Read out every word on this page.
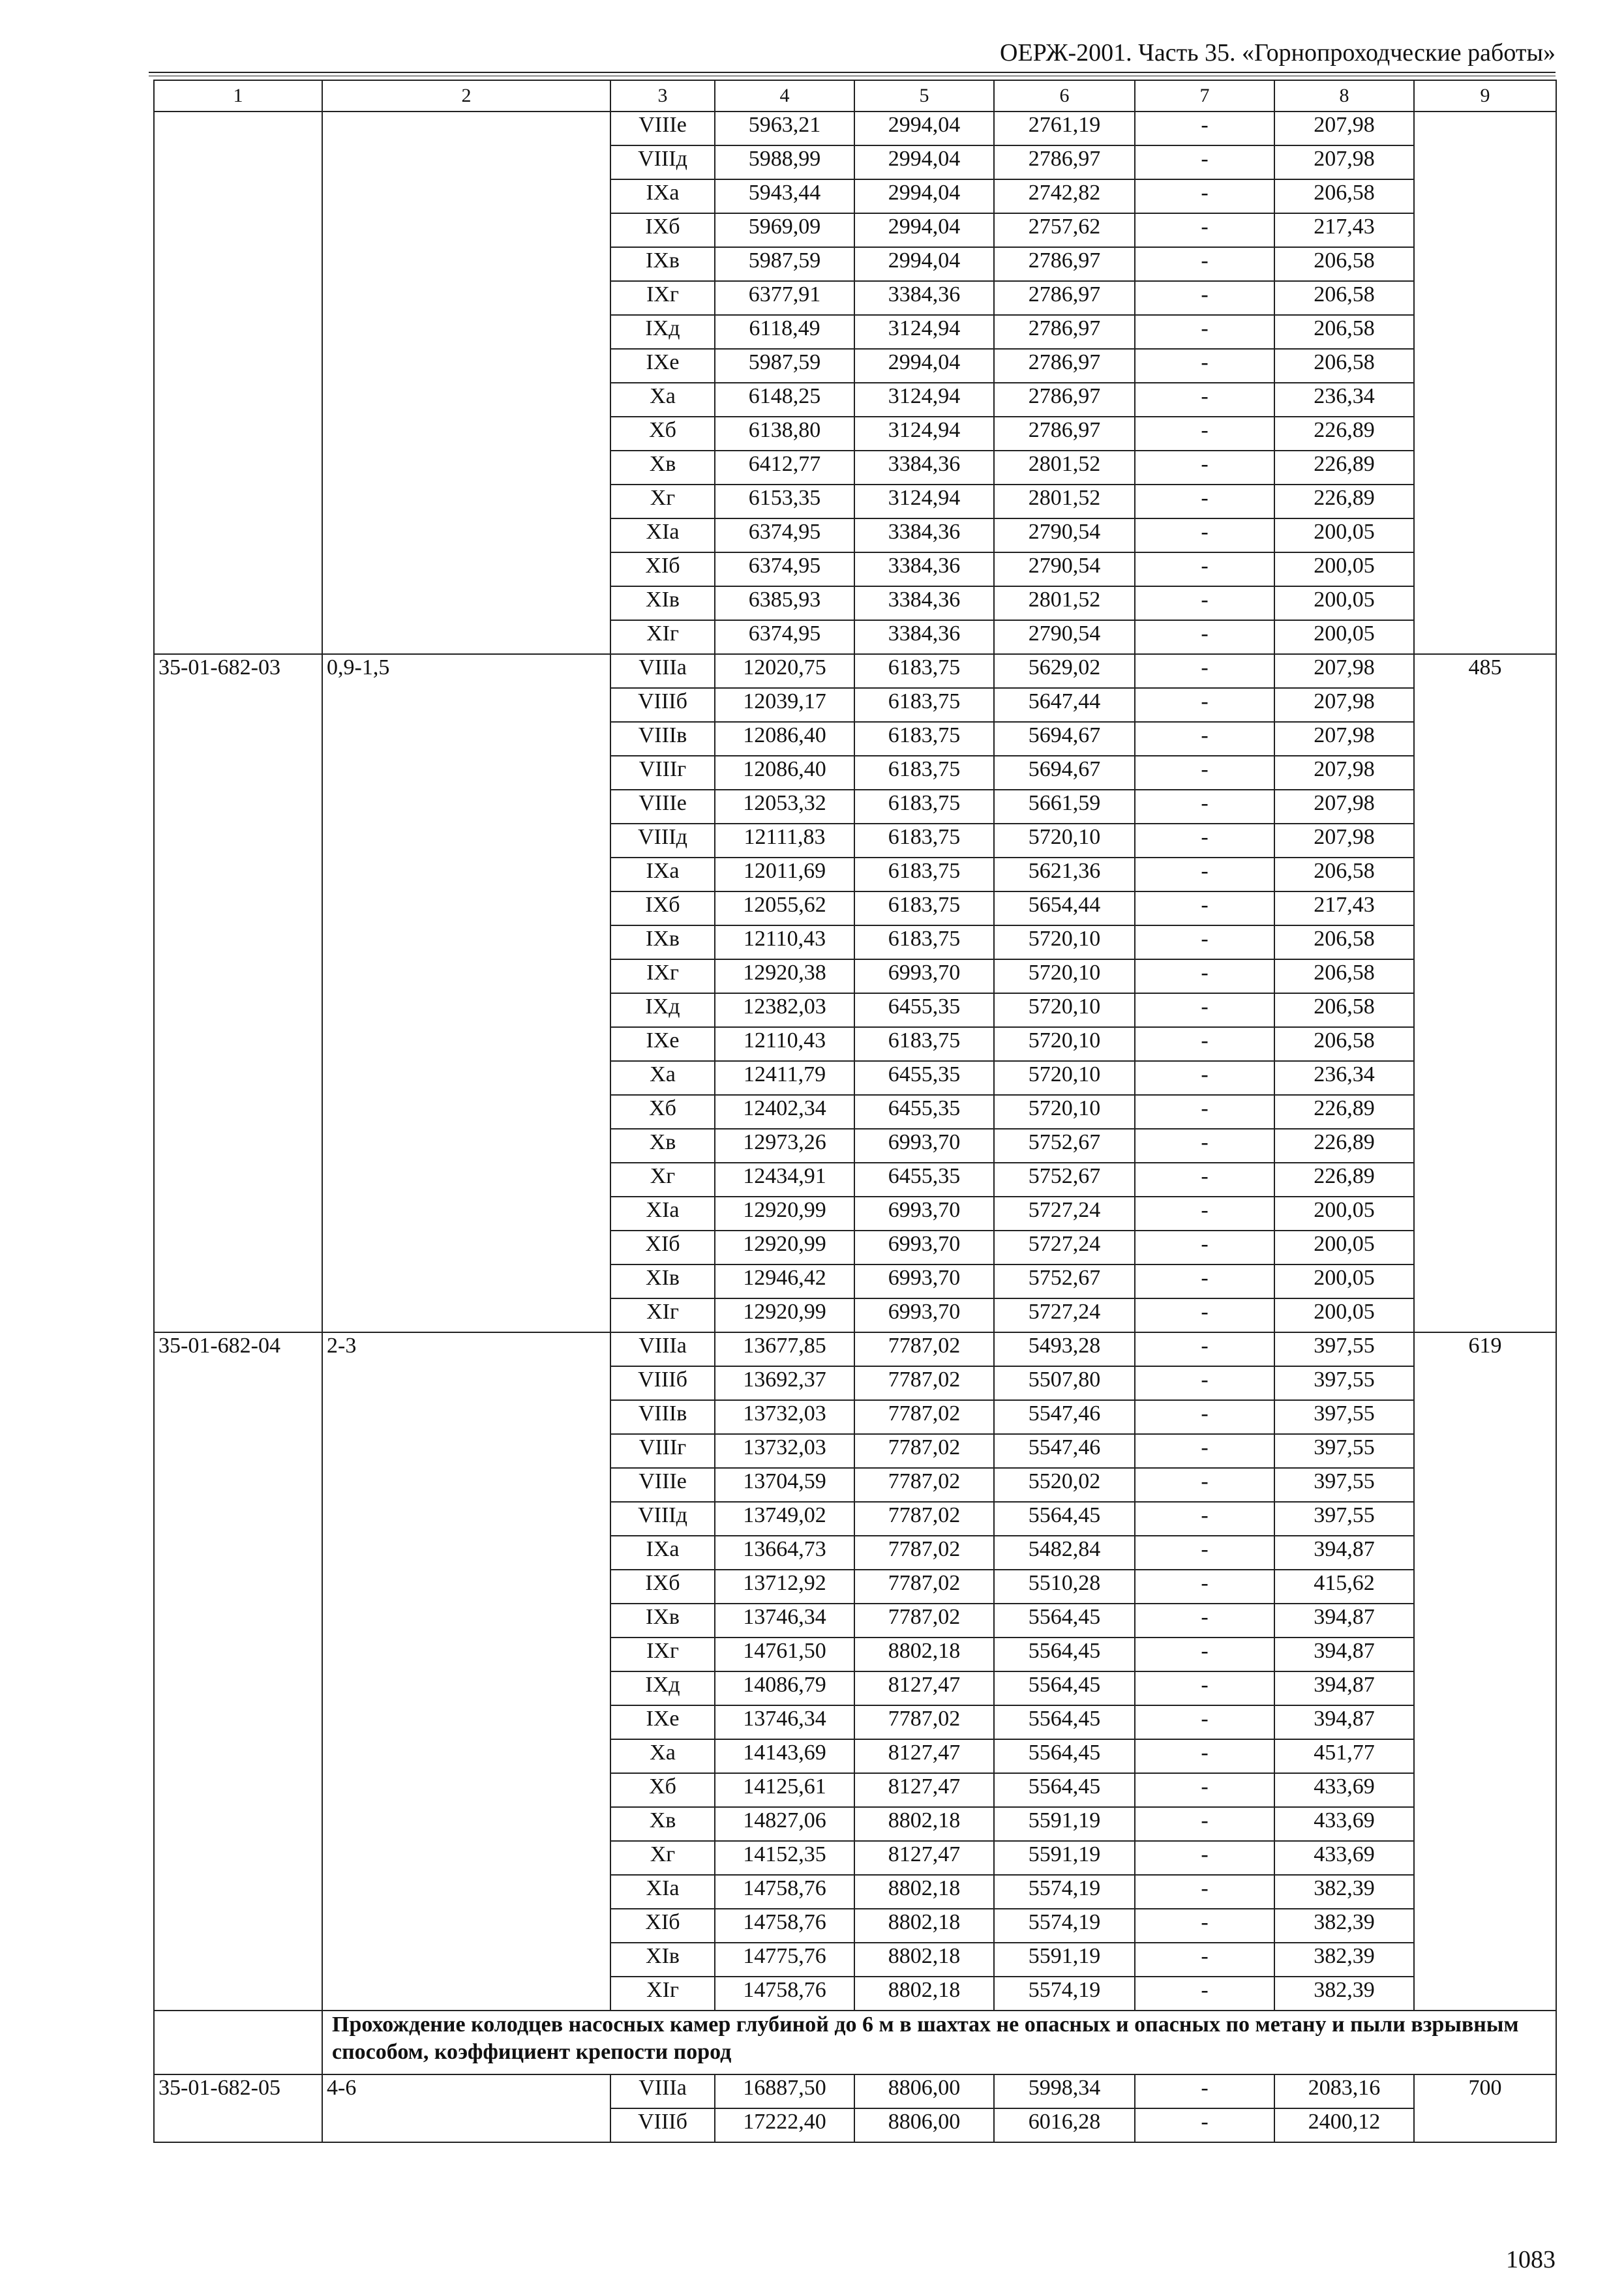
ОЕРЖ-2001. Часть 35. «Горнопроходческие работы»
1	2	3	4	5	6	7	8	9
		VIIIе	5963,21	2994,04	2761,19	-	207,98	
		VIIIд	5988,99	2994,04	2786,97	-	207,98	
		IХа	5943,44	2994,04	2742,82	-	206,58	
		IХб	5969,09	2994,04	2757,62	-	217,43	
		IХв	5987,59	2994,04	2786,97	-	206,58	
		IХг	6377,91	3384,36	2786,97	-	206,58	
		IХд	6118,49	3124,94	2786,97	-	206,58	
		IХе	5987,59	2994,04	2786,97	-	206,58	
		Ха	6148,25	3124,94	2786,97	-	236,34	
		Хб	6138,80	3124,94	2786,97	-	226,89	
		Хв	6412,77	3384,36	2801,52	-	226,89	
		Хг	6153,35	3124,94	2801,52	-	226,89	
		ХIа	6374,95	3384,36	2790,54	-	200,05	
		ХIб	6374,95	3384,36	2790,54	-	200,05	
		ХIв	6385,93	3384,36	2801,52	-	200,05	
		ХIг	6374,95	3384,36	2790,54	-	200,05	
35-01-682-03	0,9-1,5	VIIIа	12020,75	6183,75	5629,02	-	207,98	485
		VIIIб	12039,17	6183,75	5647,44	-	207,98	
		VIIIв	12086,40	6183,75	5694,67	-	207,98	
		VIIIг	12086,40	6183,75	5694,67	-	207,98	
		VIIIе	12053,32	6183,75	5661,59	-	207,98	
		VIIIд	12111,83	6183,75	5720,10	-	207,98	
		IХа	12011,69	6183,75	5621,36	-	206,58	
		IХб	12055,62	6183,75	5654,44	-	217,43	
		IХв	12110,43	6183,75	5720,10	-	206,58	
		IХг	12920,38	6993,70	5720,10	-	206,58	
		IХд	12382,03	6455,35	5720,10	-	206,58	
		IХе	12110,43	6183,75	5720,10	-	206,58	
		Ха	12411,79	6455,35	5720,10	-	236,34	
		Хб	12402,34	6455,35	5720,10	-	226,89	
		Хв	12973,26	6993,70	5752,67	-	226,89	
		Хг	12434,91	6455,35	5752,67	-	226,89	
		ХIа	12920,99	6993,70	5727,24	-	200,05	
		ХIб	12920,99	6993,70	5727,24	-	200,05	
		ХIв	12946,42	6993,70	5752,67	-	200,05	
		ХIг	12920,99	6993,70	5727,24	-	200,05	
35-01-682-04	2-3	VIIIа	13677,85	7787,02	5493,28	-	397,55	619
		VIIIб	13692,37	7787,02	5507,80	-	397,55	
		VIIIв	13732,03	7787,02	5547,46	-	397,55	
		VIIIг	13732,03	7787,02	5547,46	-	397,55	
		VIIIе	13704,59	7787,02	5520,02	-	397,55	
		VIIIд	13749,02	7787,02	5564,45	-	397,55	
		IХа	13664,73	7787,02	5482,84	-	394,87	
		IХб	13712,92	7787,02	5510,28	-	415,62	
		IХв	13746,34	7787,02	5564,45	-	394,87	
		IХг	14761,50	8802,18	5564,45	-	394,87	
		IХд	14086,79	8127,47	5564,45	-	394,87	
		IХе	13746,34	7787,02	5564,45	-	394,87	
		Ха	14143,69	8127,47	5564,45	-	451,77	
		Хб	14125,61	8127,47	5564,45	-	433,69	
		Хв	14827,06	8802,18	5591,19	-	433,69	
		Хг	14152,35	8127,47	5591,19	-	433,69	
		ХIа	14758,76	8802,18	5574,19	-	382,39	
		ХIб	14758,76	8802,18	5574,19	-	382,39	
		ХIв	14775,76	8802,18	5591,19	-	382,39	
		ХIг	14758,76	8802,18	5574,19	-	382,39	
	Прохождение колодцев насосных камер глубиной до 6 м в шахтах не опасных и опасных по метану и пыли взрывным способом, коэффициент крепости пород							
35-01-682-05	4-6	VIIIа	16887,50	8806,00	5998,34	-	2083,16	700
		VIIIб	17222,40	8806,00	6016,28	-	2400,12	
1083
